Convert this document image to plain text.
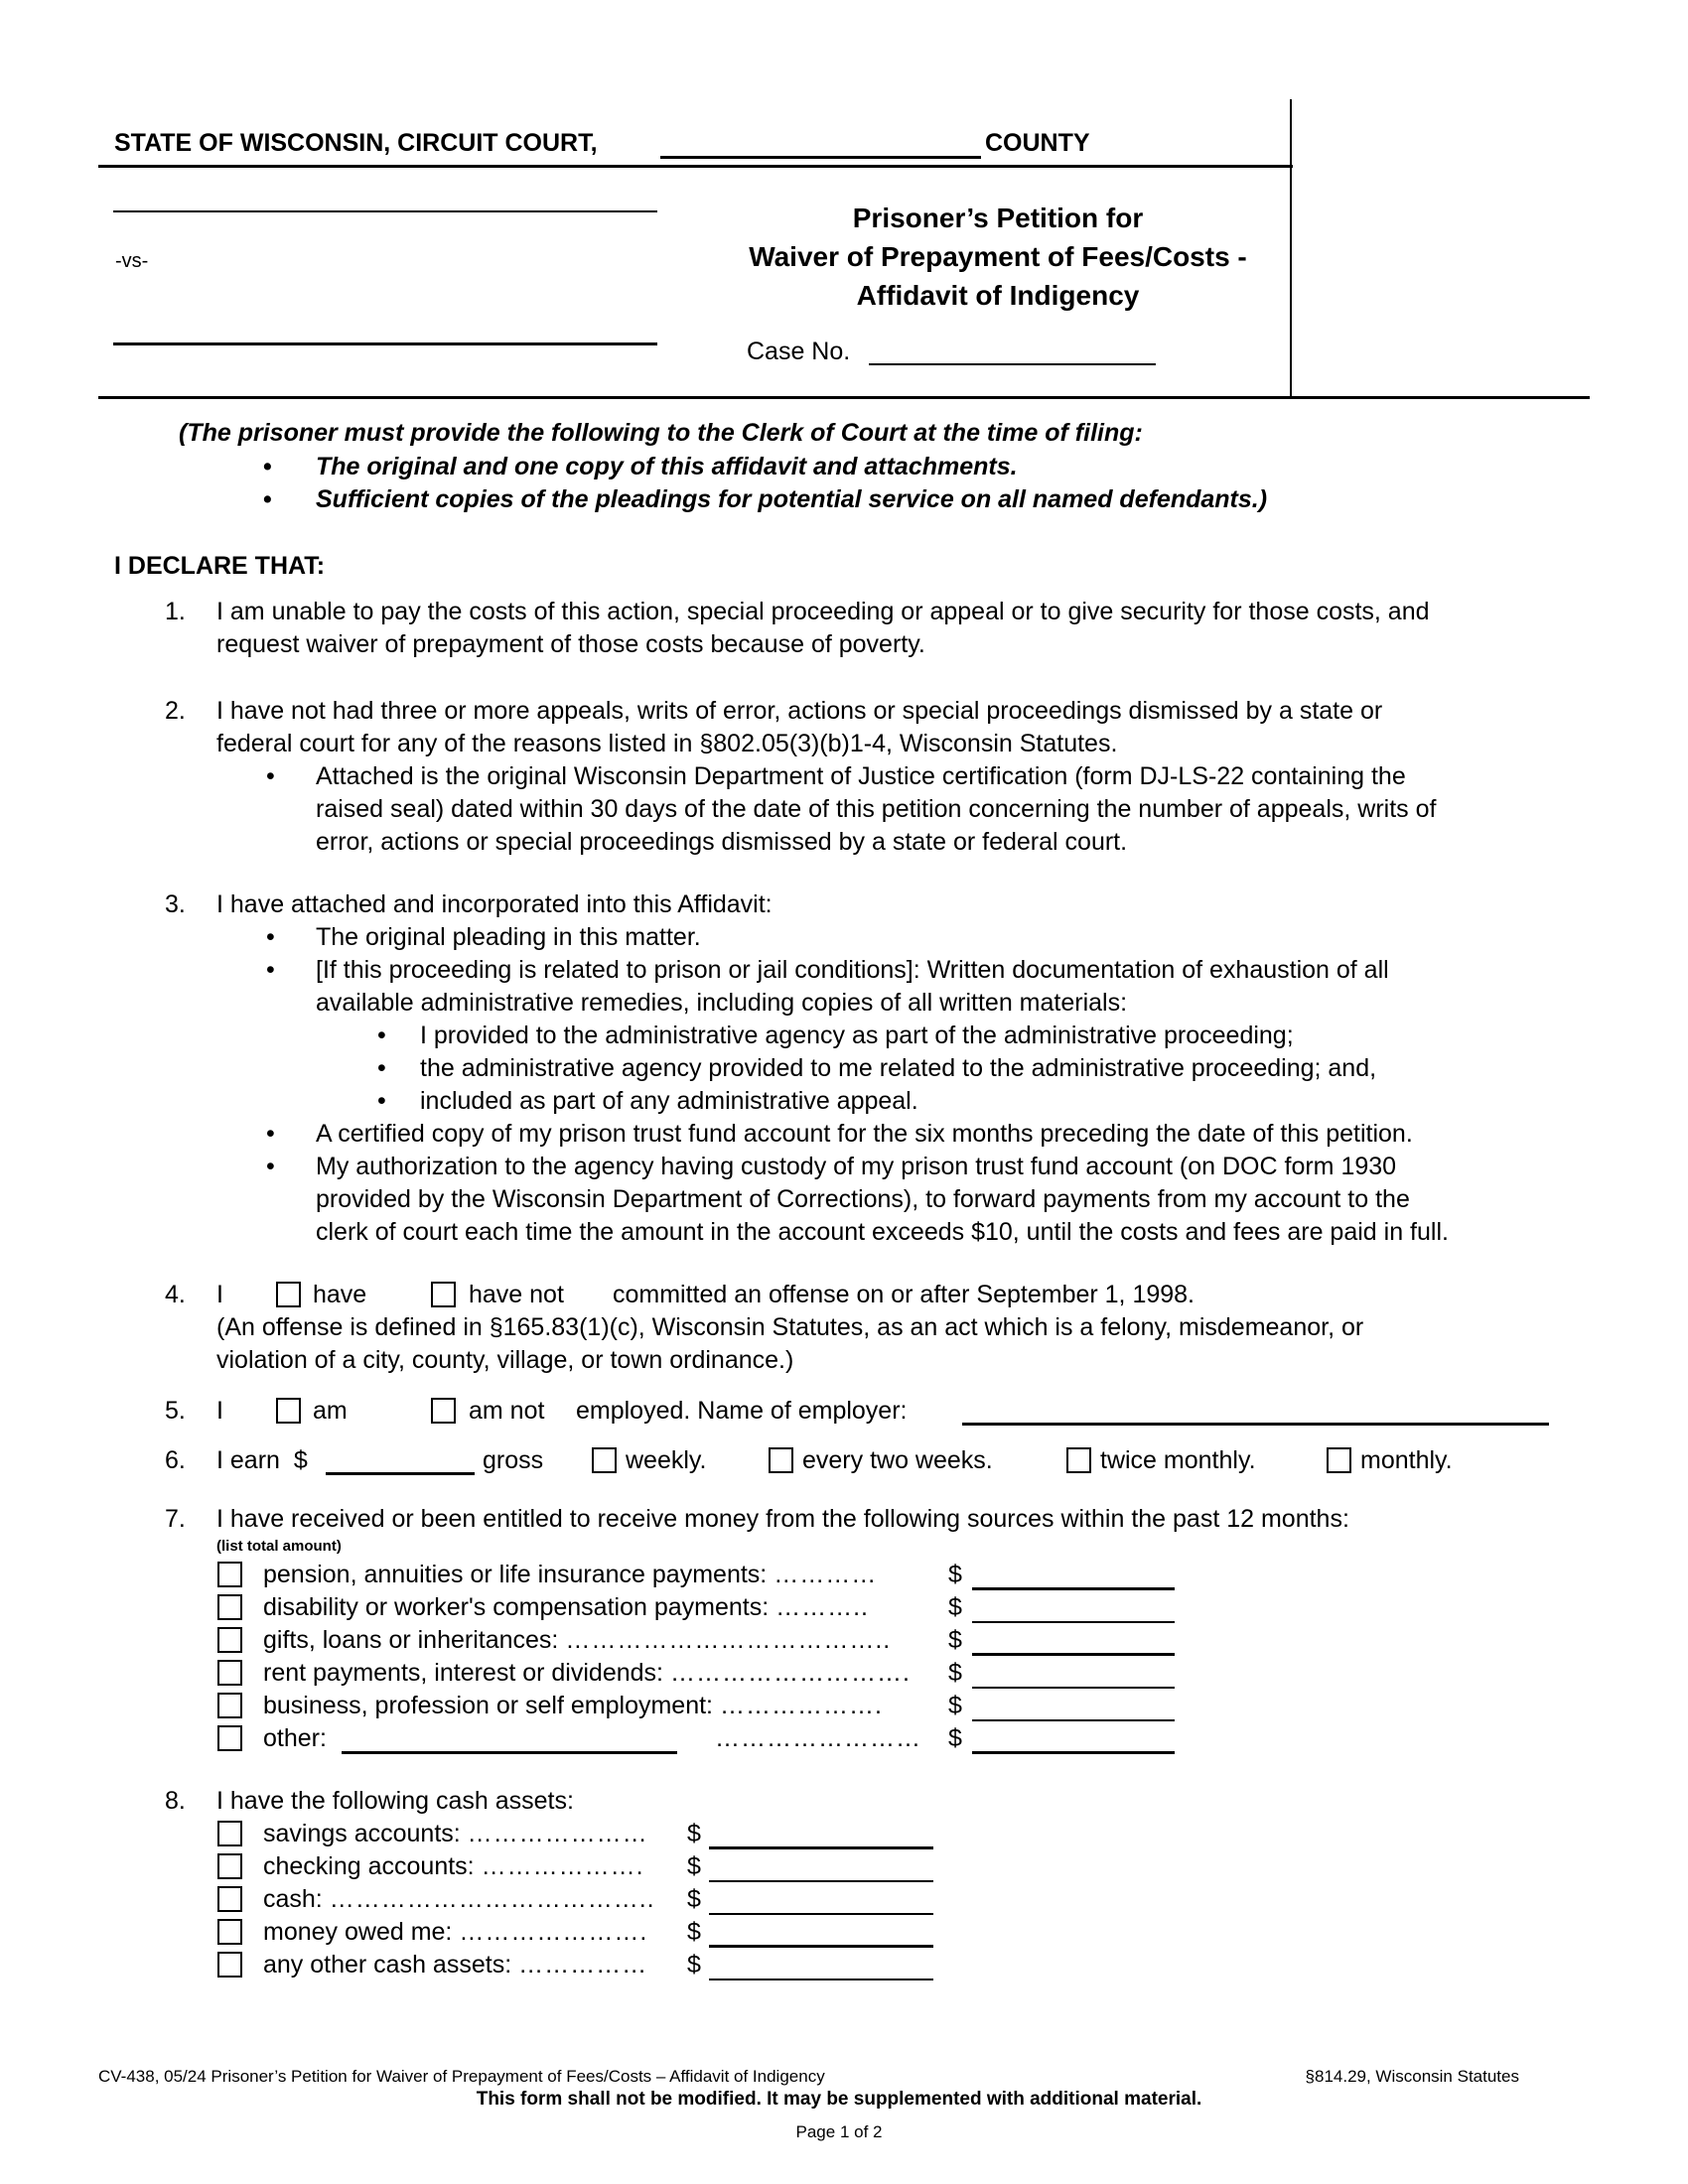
STATE OF WISCONSIN, CIRCUIT COURT,	COUNTY
-vs-
Prisoner’s Petition for
Waiver of Prepayment of Fees/Costs -
Affidavit of Indigency
Case No.
(The prisoner must provide the following to the Clerk of Court at the time of filing:
• The original and one copy of this affidavit and attachments.
• Sufficient copies of the pleadings for potential service on all named defendants.)
I DECLARE THAT:
1. I am unable to pay the costs of this action, special proceeding or appeal or to give security for those costs, and
request waiver of prepayment of those costs because of poverty.
2. I have not had three or more appeals, writs of error, actions or special proceedings dismissed by a state or
federal court for any of the reasons listed in §802.05(3)(b)1-4, Wisconsin Statutes.
• Attached is the original Wisconsin Department of Justice certification (form DJ-LS-22 containing the
raised seal) dated within 30 days of the date of this petition concerning the number of appeals, writs of
error, actions or special proceedings dismissed by a state or federal court.
3. I have attached and incorporated into this Affidavit:
• The original pleading in this matter.
• [If this proceeding is related to prison or jail conditions]: Written documentation of exhaustion of all
available administrative remedies, including copies of all written materials:
• I provided to the administrative agency as part of the administrative proceeding;
• the administrative agency provided to me related to the administrative proceeding; and,
• included as part of any administrative appeal.
• A certified copy of my prison trust fund account for the six months preceding the date of this petition.
• My authorization to the agency having custody of my prison trust fund account (on DOC form 1930
provided by the Wisconsin Department of Corrections), to forward payments from my account to the
clerk of court each time the amount in the account exceeds $10, until the costs and fees are paid in full.
4. I	have	have not committed an offense on or after September 1, 1998.
(An offense is defined in §165.83(1)(c), Wisconsin Statutes, as an act which is a felony, misdemeanor, or
violation of a city, county, village, or town ordinance.)
5. I	am	am not employed. Name of employer:
6. I earn  $	gross	weekly.	every two weeks.	twice monthly.	monthly.
7. I have received or been entitled to receive money from the following sources within the past 12 months:
(list total amount)
pension, annuities or life insurance payments: …………	$
disability or worker's compensation payments: ………..	$
gifts, loans or inheritances: ……………………………….. $
rent payments, interest or dividends: ………………………. $
business, profession or self employment: ……………….	$
other:	…………………… $
8. I have the following cash assets:
savings accounts: ………………… $
checking accounts: ………………. $
cash: ……………………………….. $
money owed me: …………………. $
any other cash assets: …………… $
CV-438, 05/24 Prisoner’s Petition for Waiver of Prepayment of Fees/Costs – Affidavit of Indigency	§814.29, Wisconsin Statutes
This form shall not be modified. It may be supplemented with additional material.
Page 1 of 2
